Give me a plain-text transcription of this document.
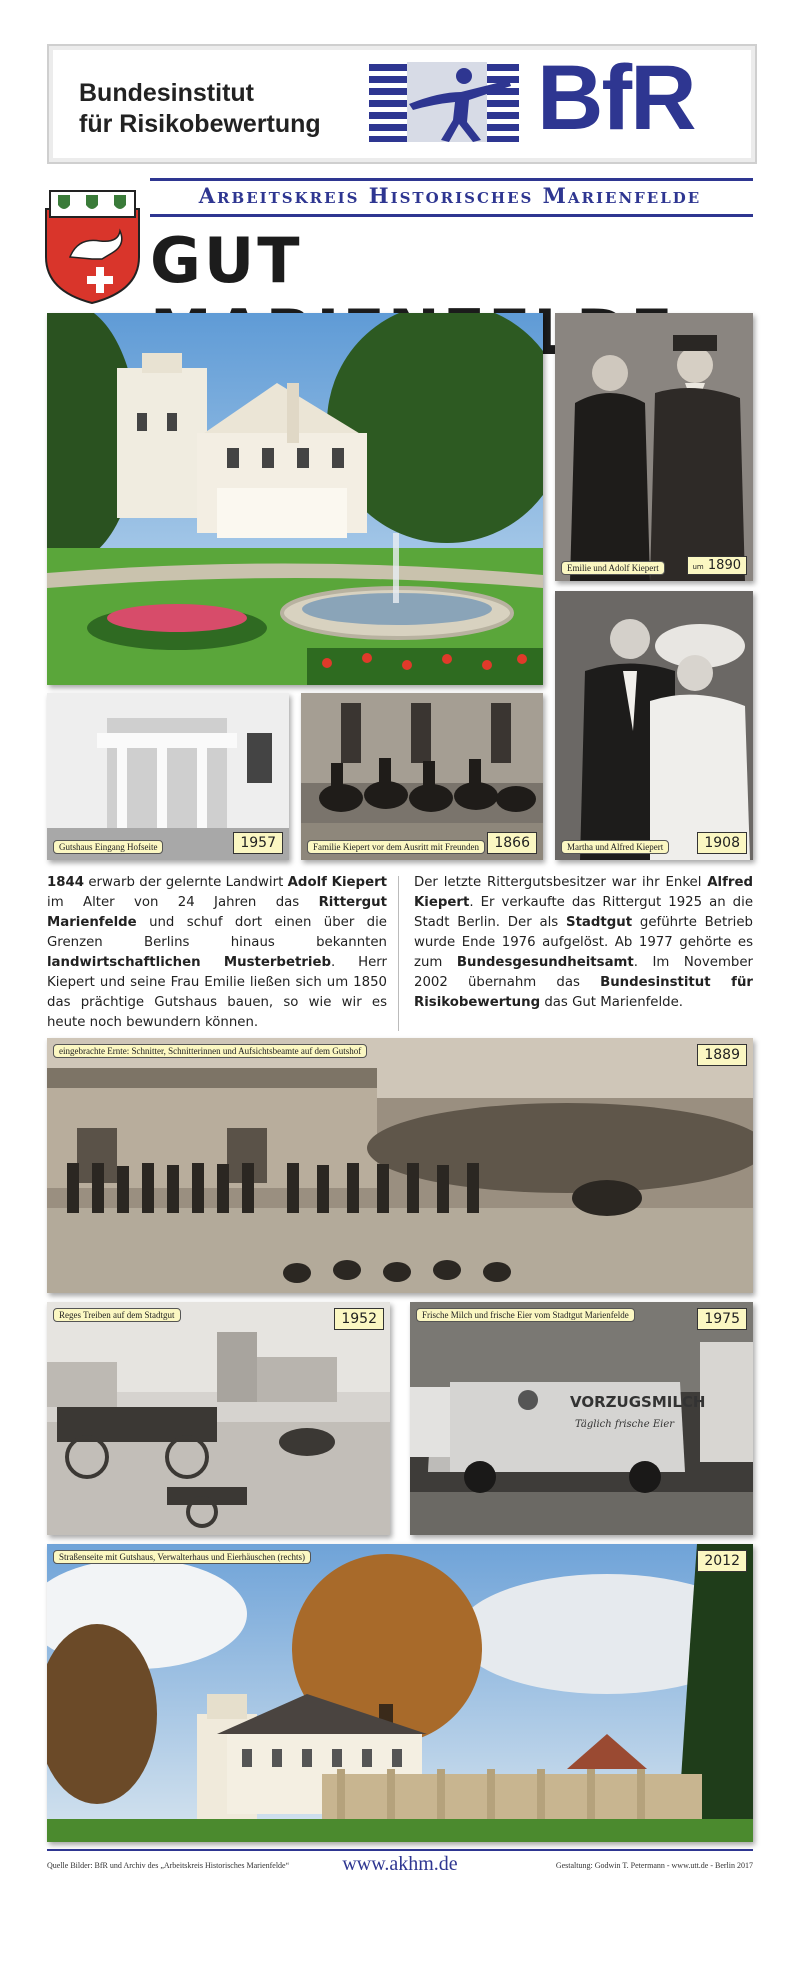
Bundesinstitut
für Risikobewertung BfR
Arbeitskreis Historisches Marienfelde
GUT
Emilie und Adolf Kiepert	um 1890
Gutshaus Eingang Hofseite	1957	Familie Kiepert vor dem Ausritt mit Freunden	1866	Martha und Alfred Kiepert	1908
1844 erwarb der gelernte Landwirt Adolf Kiepert im Alter von 24 Jahren das Rittergut Marienfelde und schuf dort einen über die Grenzen Berlins hinaus bekannten landwirtschaftlichen Musterbetrieb. Herr Kiepert und seine Frau Emilie ließen sich um 1850 das prächtige Gutshaus bauen, so wie wir es heute noch bewundern können.
Der letzte Rittergutsbesitzer war ihr Enkel Alfred Kiepert. Er verkaufte das Rittergut 1925 an die Stadt Berlin. Der als Stadtgut geführte Betrieb wurde Ende 1976 aufgelöst. Ab 1977 gehörte es zum Bundesgesundheitsamt. Im November 2002 übernahm das Bundesinstitut für Risikobewertung das Gut Marienfelde.
eingebrachte Ernte: Schnitter, Schnitterinnen und Aufsichtsbeamte auf dem Gutshof	1889
Reges Treiben auf dem Stadtgut	1952
VORZUGSMILCH
Täglich frische Eier
Frische Milch und frische Eier vom Stadtgut Marienfelde	1975
Straßenseite mit Gutshaus, Verwalterhaus und Eierhäuschen (rechts)	2012
Quelle Bilder: BfR und Archiv des „Arbeitskreis Historisches Marienfelde“	www.akhm.de	Gestaltung: Godwin T. Petermann - www.utt.de - Berlin 2017
